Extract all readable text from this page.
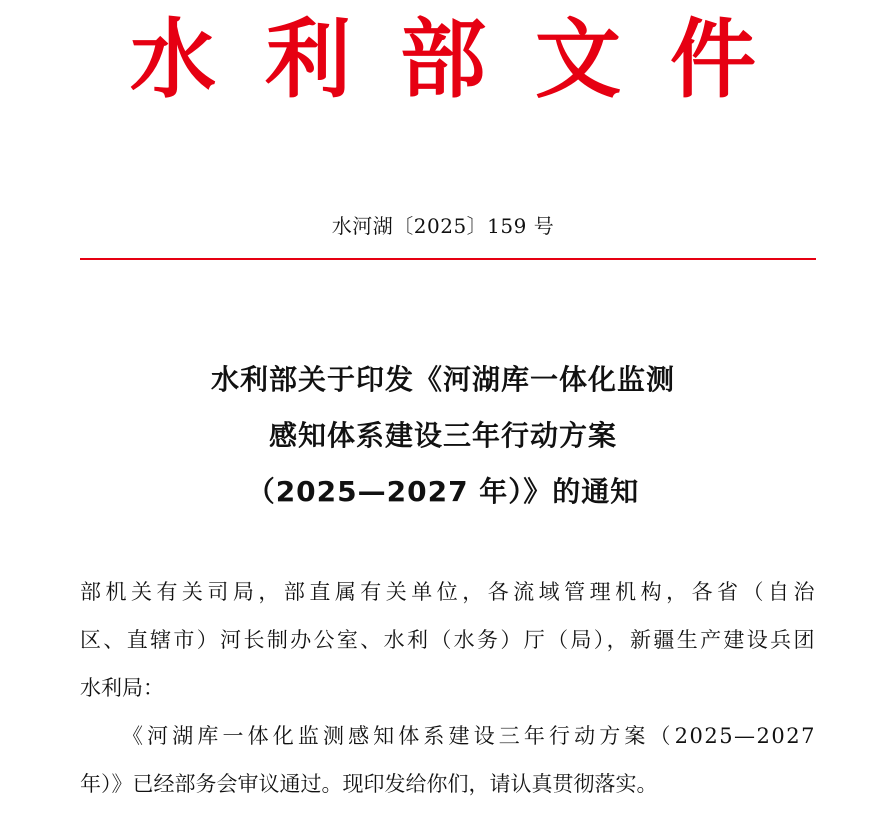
水 利 部 文 件
水河湖〔2025〕159 号
水利部关于印发《河湖库一体化监测
感知体系建设三年行动方案
（2025—2027 年）》的通知
部机关有关司局，部直属有关单位，各流域管理机构，各省（自治
区、直辖市）河长制办公室、水利（水务）厅（局），新疆生产建设兵团
水利局：
《河湖库一体化监测感知体系建设三年行动方案（2025—2027
年）》已经部务会审议通过。现印发给你们，请认真贯彻落实。
